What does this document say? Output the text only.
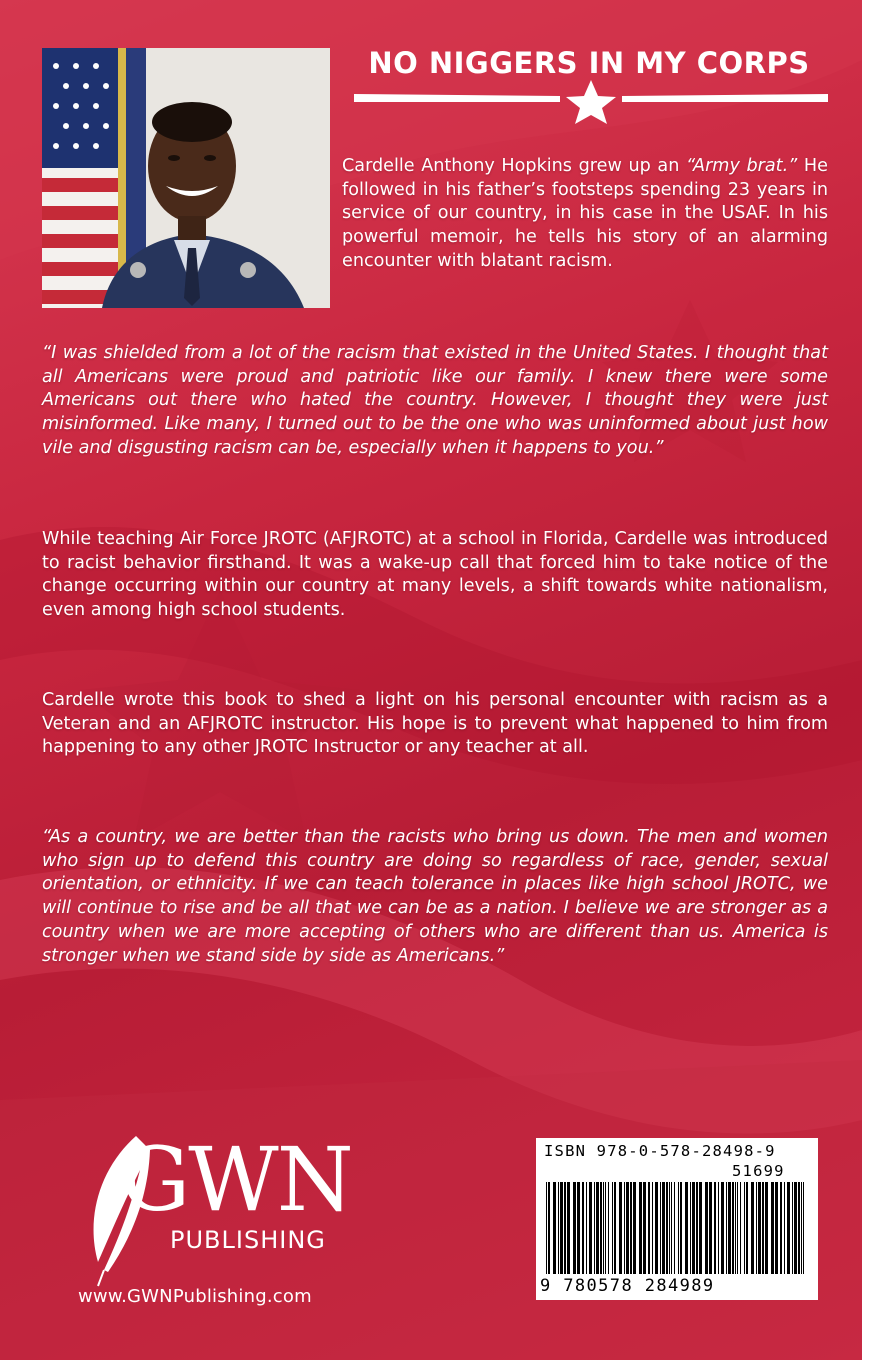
NO NIGGERS IN MY CORPS

Cardelle Anthony Hopkins grew up an “Army brat.” He followed in his father’s footsteps spending 23 years in service of our country, in his case in the USAF. In his powerful memoir, he tells his story of an alarming encounter with blatant racism.

“I was shielded from a lot of the racism that existed in the United States. I thought that all Americans were proud and patriotic like our family. I knew there were some Americans out there who hated the country. However, I thought they were just misinformed. Like many, I turned out to be the one who was uninformed about just how vile and disgusting racism can be, especially when it happens to you.”

While teaching Air Force JROTC (AFJROTC) at a school in Florida, Cardelle was introduced to racist behavior firsthand. It was a wake-up call that forced him to take notice of the change occurring within our country at many levels, a shift towards white nationalism, even among high school students.

Cardelle wrote this book to shed a light on his personal encounter with racism as a Veteran and an AFJROTC instructor. His hope is to prevent what happened to him from happening to any other JROTC Instructor or any teacher at all.

“As a country, we are better than the racists who bring us down. The men and women who sign up to defend this country are doing so regardless of race, gender, sexual orientation, or ethnicity. If we can teach tolerance in places like high school JROTC, we will continue to rise and be all that we can be as a nation. I believe we are stronger as a country when we are more accepting of others who are different than us. America is stronger when we stand side by side as Americans.”

GWN
PUBLISHING
www.GWNPublishing.com
ISBN 978-0-578-28498-9
51699
9 780578 284989
